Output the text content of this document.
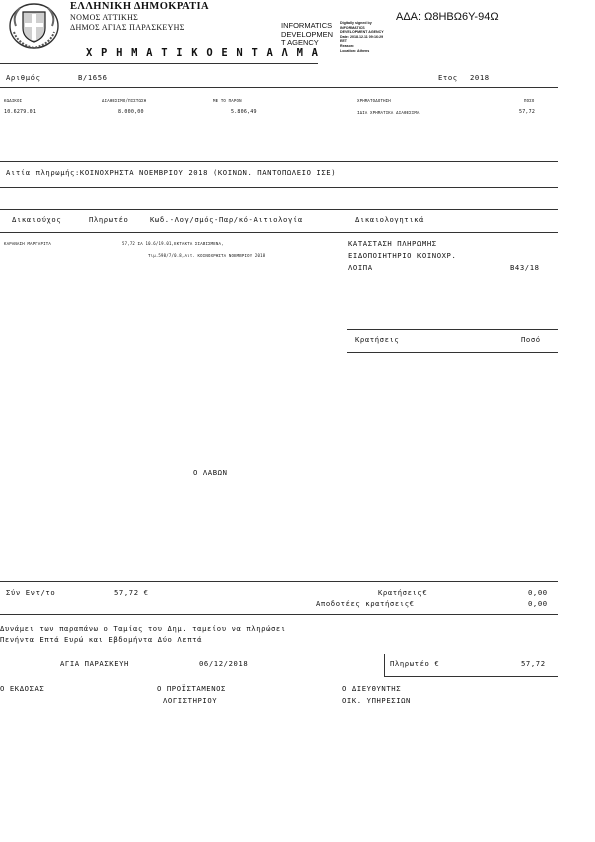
ΕΛΛΗΝΙΚΗ ΔΗΜΟΚΡΑΤΙΑ
ΝΟΜΟΣ ΑΤΤΙΚΗΣ
ΔΗΜΟΣ ΑΓΙΑΣ ΠΑΡΑΣΚΕΥΗΣ	INFORMATICS
DEVELOPMEN
T AGENCY
Digitally signed by
INFORMATICS
DEVELOPMENT AGENCY
Date: 2018.12.11 09:16:29
EET
Reason:
Location: Athens
ΑΔΑ: Ω8ΗΒΩ6Υ-94Ω
Χ Ρ Η Μ Α Τ Ι Κ Ο Ε Ν Τ Α Λ Μ Α
Αριθμός	Β/1656	Ετος 2018
ΚΩΔΙΚΟΣ	ΔΙΑΘΕΣΙΜΟ/ΠΙΣΤΩΣΗ	ΜΕ ΤΟ ΠΑΡΟΝ	ΧΡΗΜΑΤΟΔΟΤΗΣΗ	ΠΟΣΟ
10.6279.01	8.000,00	5.806,49	ΙΔΙΑ ΧΡΗΜΑΤΙΚΑ ΔΙΑΘΕΣΙΜΑ	57,72
Αιτία πληρωμής:ΚΟΙΝΟΧΡΗΣΤΑ ΝΟΕΜΒΡΙΟΥ 2018 (ΚΟΙΝΩΝ. ΠΑΝΤΟΠΩΛΕΙΟ ΙΣΕ)
Δικαιούχος	Πληρωτέο	Κωδ.-Λογ/σμός-Παρ/κό-Αιτιολογία	Δικαιολογητικά
ΚΑΡΑΝΑΣΗ ΜΑΡΓΑΡΙΤΑ	57,72 ΣΑ 10.6/19.01,ΕΚΤΑΚΤΑ ΣΙΑΒΙΣΜΕΝΑ,
Τιμ.598/7/0.8,Αιτ. ΚΟΙΝΟΧΡΗΣΤΑ ΝΟΕΜΒΡΙΟΥ 2018
ΚΑΤΑΣΤΑΣΗ ΠΛΗΡΩΜΗΣ
ΕΙΔΟΠΟΙΗΤΗΡΙΟ ΚΟΙΝΟΧΡ.
ΛΟΙΠΑ	Β43/18
Κρατήσεις	Ποσό
Ο ΛΑΒΩΝ
Σύν Εντ/το	57,72 €	Κρατήσεις€	0,00
Αποδοτέες κρατήσεις€	0,00
Δυνάμει των παραπάνω ο Ταμίας του Δημ. ταμείου να πληρώσει
Πενήντα Επτά Ευρώ και Εβδομήντα Δύο Λεπτά
ΑΓΙΑ ΠΑΡΑΣΚΕΥΗ	06/12/2018	Πληρωτέο €	57,72
Ο ΕΚΔΟΣΑΣ	Ο ΠΡΟΪΣΤΑΜΕΝΟΣ
ΛΟΓΙΣΤΗΡΙΟΥ
Ο ΔΙΕΥΘΥΝΤΗΣ
ΟΙΚ. ΥΠΗΡΕΣΙΩΝ
